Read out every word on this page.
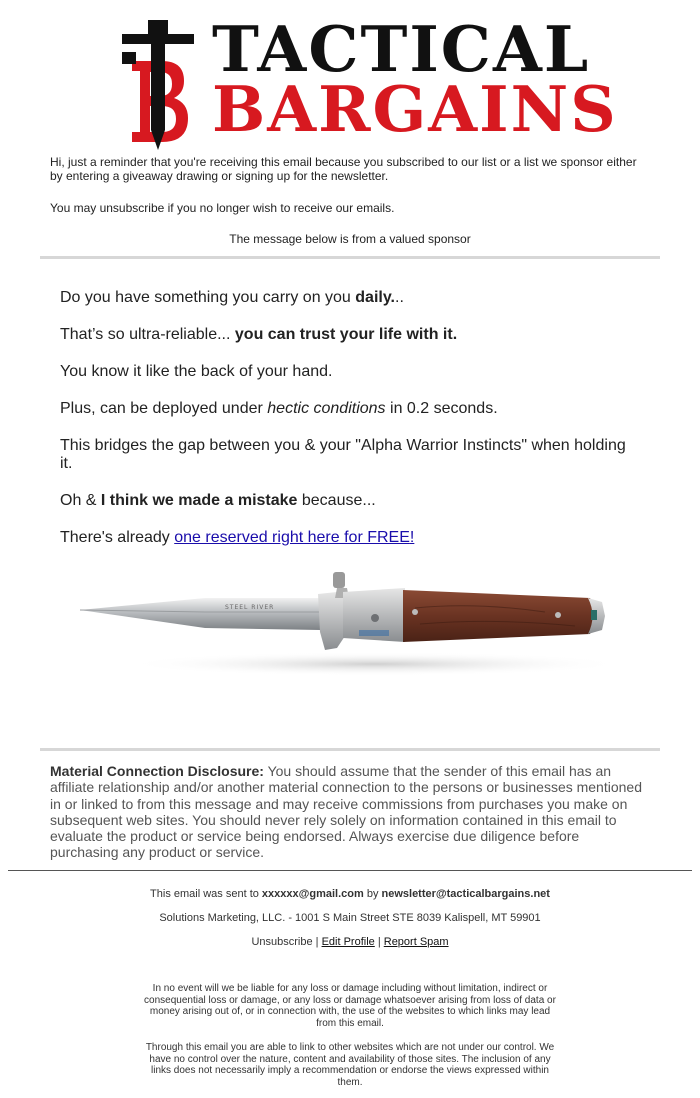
TACTICAL
BARGAINS

Hi, just a reminder that you're receiving this email because you subscribed to our list or a list we sponsor either by entering a giveaway drawing or signing up for the newsletter.

You may unsubscribe if you no longer wish to receive our emails.

The message below is from a valued sponsor

Do you have something you carry on you daily...

That’s so ultra-reliable... you can trust your life with it.

You know it like the back of your hand.

Plus, can be deployed under hectic conditions in 0.2 seconds.

This bridges the gap between you & your "Alpha Warrior Instincts" when holding it.

Oh & I think we made a mistake because...

There's already one reserved right here for FREE!

STEEL RIVER
Material Connection Disclosure: You should assume that the sender of this email has an affiliate relationship and/or another material connection to the persons or businesses mentioned in or linked to from this message and may receive commissions from purchases you make on subsequent web sites. You should never rely solely on information contained in this email to evaluate the product or service being endorsed. Always exercise due diligence before purchasing any product or service.
This email was sent to xxxxxx@gmail.com by newsletter@tacticalbargains.net
Solutions Marketing, LLC. - 1001 S Main Street STE 8039 Kalispell, MT 59901
Unsubscribe | Edit Profile | Report Spam
In no event will we be liable for any loss or damage including without limitation, indirect or consequential loss or damage, or any loss or damage whatsoever arising from loss of data or money arising out of, or in connection with, the use of the websites to which links may lead from this email.
Through this email you are able to link to other websites which are not under our control. We have no control over the nature, content and availability of those sites. The inclusion of any links does not necessarily imply a recommendation or endorse the views expressed within them.
